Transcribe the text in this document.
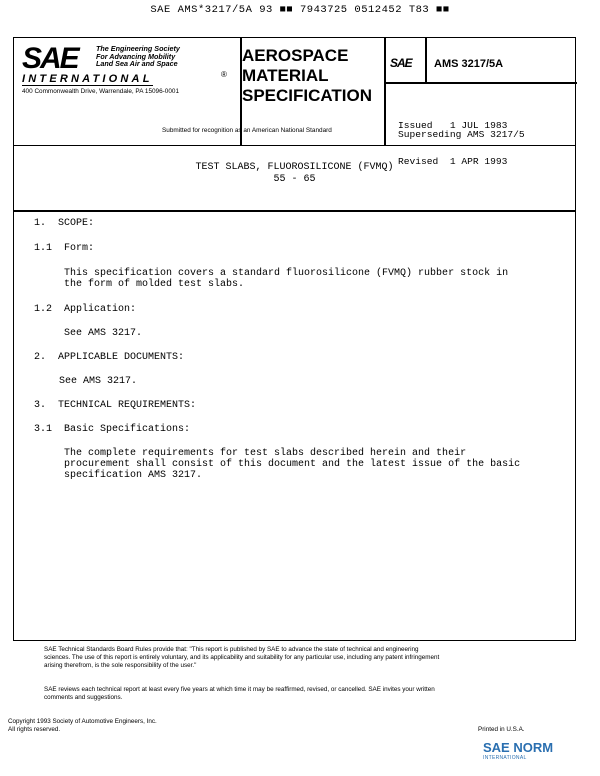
SAE AMS*3217/5A 93 ■■ 7943725 0512452 T83 ■■
SAE	The Engineering Society
For Advancing Mobility
Land Sea Air and Space
INTERNATIONAL	®
400 Commonwealth Drive, Warrendale, PA 15096-0001
AEROSPACE
MATERIAL
SPECIFICATION
Submitted for recognition as an American National Standard
SAE AMS 3217/5A

Issued 1 JUL 1983

Revised 1 APR 1993

Superseding AMS 3217/5
TEST SLABS, FLUOROSILICONE (FVMQ)
55 - 65
1.  SCOPE:
1.1  Form:
This specification covers a standard fluorosilicone (FVMQ) rubber stock in
the form of molded test slabs.
1.2  Application:
See AMS 3217.
2.  APPLICABLE DOCUMENTS:
See AMS 3217.
3.  TECHNICAL REQUIREMENTS:
3.1  Basic Specifications:
The complete requirements for test slabs described herein and their
procurement shall consist of this document and the latest issue of the basic
specification AMS 3217.
SAE Technical Standards Board Rules provide that: "This report is published by SAE to advance the state of technical and engineering
sciences. The use of this report is entirely voluntary, and its applicability and suitability for any particular use, including any patent infringement
arising therefrom, is the sole responsibility of the user."
SAE reviews each technical report at least every five years at which time it may be reaffirmed, revised, or cancelled. SAE invites your written
comments and suggestions.
Copyright 1993 Society of Automotive Engineers, Inc.
All rights reserved.	Printed in U.S.A.
SAE NORM
INTERNATIONAL
